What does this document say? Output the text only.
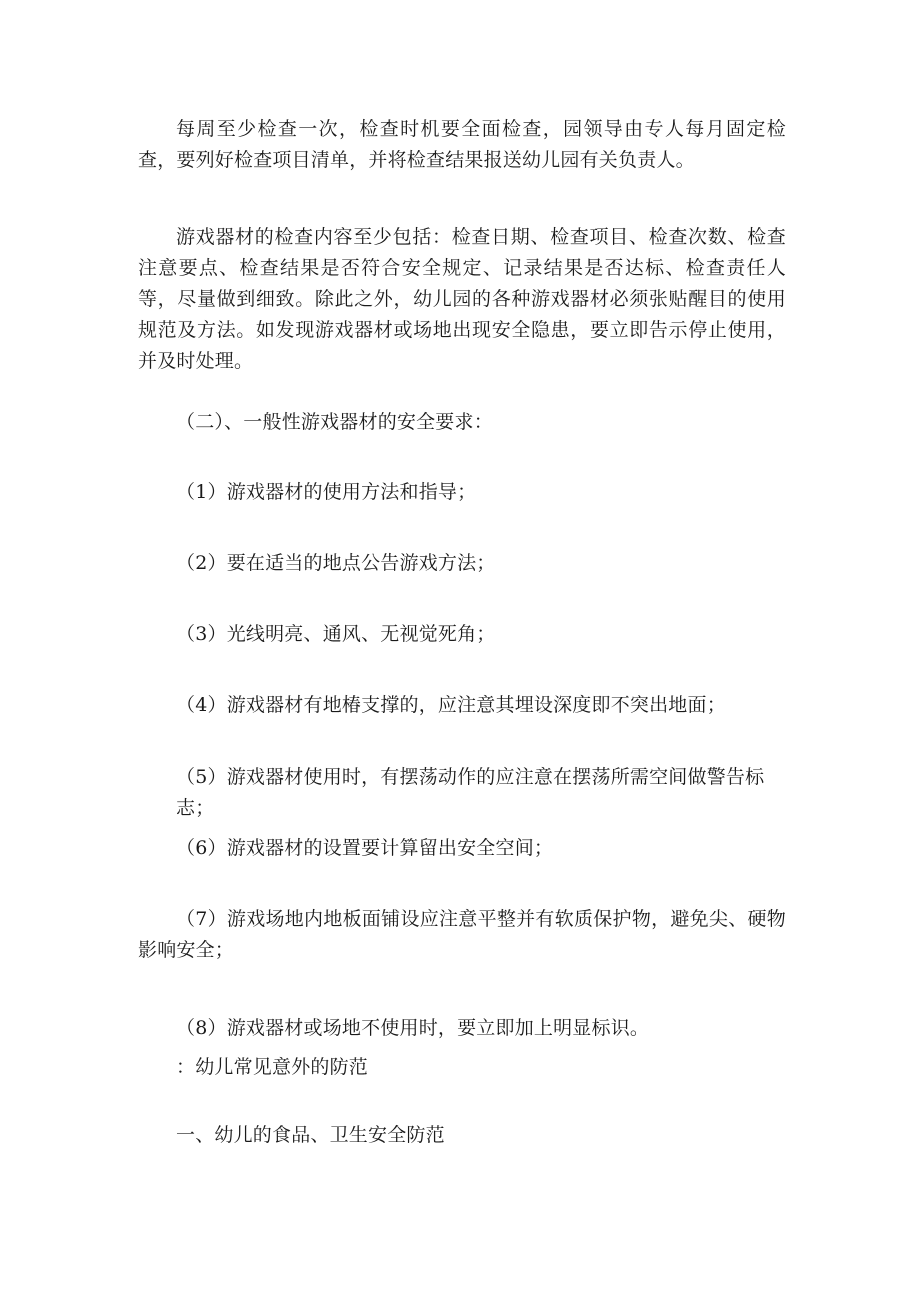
每周至少检查一次，检查时机要全面检查，园领导由专人每月固定检查，要列好检查项目清单，并将检查结果报送幼儿园有关负责人。

游戏器材的检查内容至少包括：检查日期、检查项目、检查次数、检查注意要点、检查结果是否符合安全规定、记录结果是否达标、检查责任人等，尽量做到细致。除此之外，幼儿园的各种游戏器材必须张贴醒目的使用规范及方法。如发现游戏器材或场地出现安全隐患，要立即告示停止使用，并及时处理。

（二）、一般性游戏器材的安全要求：

（1）游戏器材的使用方法和指导；

（2）要在适当的地点公告游戏方法；

（3）光线明亮、通风、无视觉死角；

（4）游戏器材有地椿支撑的，应注意其埋设深度即不突出地面；

（5）游戏器材使用时，有摆荡动作的应注意在摆荡所需空间做警告标志；

（6）游戏器材的设置要计算留出安全空间；

（7）游戏场地内地板面铺设应注意平整并有软质保护物，避免尖、硬物影响安全；

（8）游戏器材或场地不使用时，要立即加上明显标识。

：幼儿常见意外的防范

一、幼儿的食品、卫生安全防范
